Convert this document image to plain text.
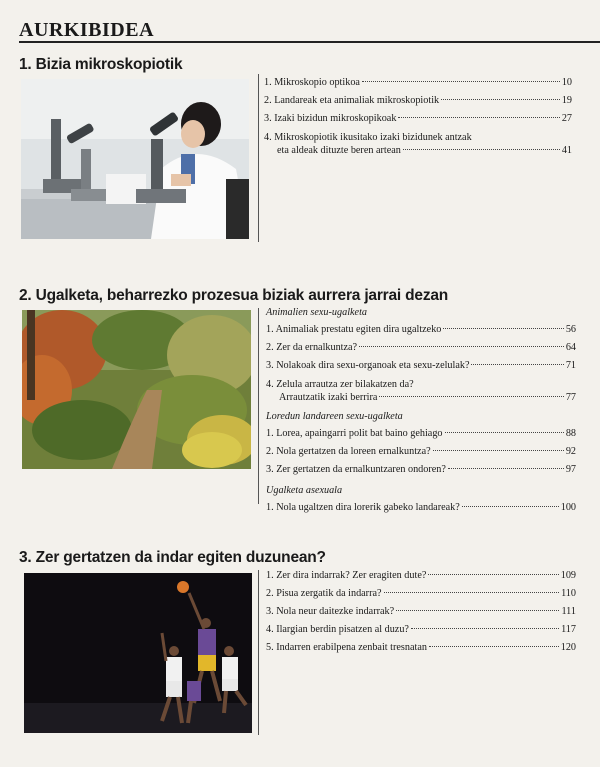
AURKIBIDEA
1. Bizia mikroskopiotik
1. Mikroskopio optikoa	10
2. Landareak eta animaliak mikroskopiotik	19
3. Izaki bizidun mikroskopikoak	27
4. Mikroskopiotik ikusitako izaki bizidunek antzak
eta aldeak dituzte beren artean	41
2. Ugalketa, beharrezko prozesua biziak aurrera jarrai dezan
Animalien sexu-ugalketa
1. Animaliak prestatu egiten dira ugaltzeko	56
2. Zer da ernalkuntza?	64
3. Nolakoak dira sexu-organoak eta sexu-zelulak?	71
4. Zelula arrautza zer bilakatzen da?
Arrautzatik izaki berrira	77
Loredun landareen sexu-ugalketa
1. Lorea, apaingarri polit bat baino gehiago	88
2. Nola gertatzen da loreen ernalkuntza?	92
3. Zer gertatzen da ernalkuntzaren ondoren?	97
Ugalketa asexuala
1. Nola ugaltzen dira lorerik gabeko landareak?	100
3. Zer gertatzen da indar egiten duzunean?
1. Zer dira indarrak? Zer eragiten dute?	109
2. Pisua zergatik da indarra?	110
3. Nola neur daitezke indarrak?	111
4. Ilargian berdin pisatzen al duzu?	117
5. Indarren erabilpena zenbait tresnatan	120
